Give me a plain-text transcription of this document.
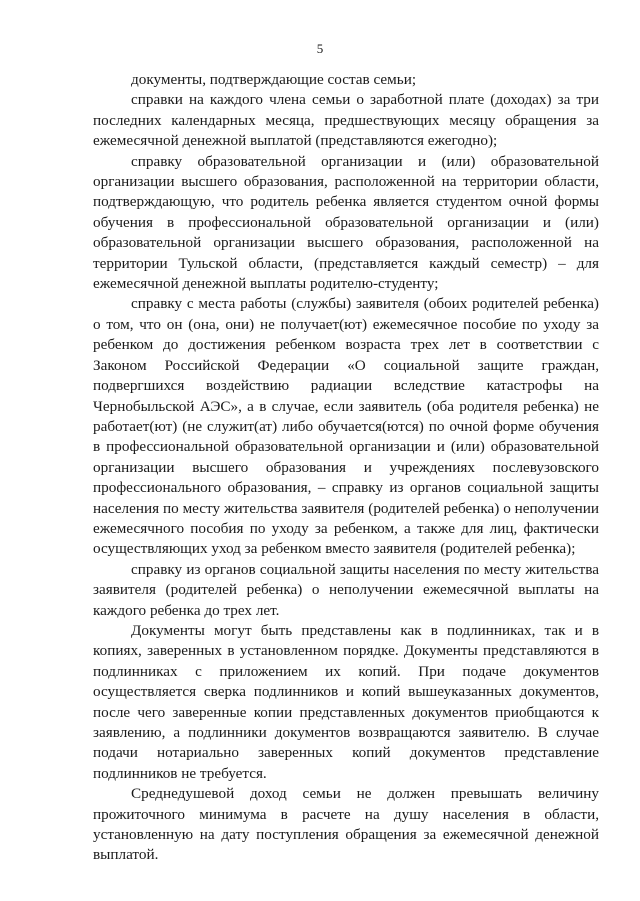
5

документы, подтверждающие состав семьи;

справки на каждого члена семьи о заработной плате (доходах) за три последних календарных месяца, предшествующих месяцу обращения за ежемесячной денежной выплатой (представляются ежегодно);

справку образовательной организации и (или) образовательной организации высшего образования, расположенной на территории области, подтверждающую, что родитель ребенка является студентом очной формы обучения в профессиональной образовательной организации и (или) образовательной организации высшего образования, расположенной на территории Тульской области, (представляется каждый семестр) – для ежемесячной денежной выплаты родителю-студенту;

справку с места работы (службы) заявителя (обоих родителей ребенка) о том, что он (она, они) не получает(ют) ежемесячное пособие по уходу за ребенком до достижения ребенком возраста трех лет в соответствии с Законом Российской Федерации «О социальной защите граждан, подвергшихся воздействию радиации вследствие катастрофы на Чернобыльской АЭС», а в случае, если заявитель (оба родителя ребенка) не работает(ют) (не служит(ат) либо обучается(ются) по очной форме обучения в профессиональной образовательной организации и (или) образовательной организации высшего образования и учреждениях послевузовского профессионального образования, – справку из органов социальной защиты населения по месту жительства заявителя (родителей ребенка) о неполучении ежемесячного пособия по уходу за ребенком, а также для лиц, фактически осуществляющих уход за ребенком вместо заявителя (родителей ребенка);

справку из органов социальной защиты населения по месту жительства заявителя (родителей ребенка) о неполучении ежемесячной выплаты на каждого ребенка до трех лет.

Документы могут быть представлены как в подлинниках, так и в копиях, заверенных в установленном порядке. Документы представляются в подлинниках с приложением их копий. При подаче документов осуществляется сверка подлинников и копий вышеуказанных документов, после чего заверенные копии представленных документов приобщаются к заявлению, а подлинники документов возвращаются заявителю. В случае подачи нотариально заверенных копий документов представление подлинников не требуется.

Среднедушевой доход семьи не должен превышать величину прожиточного минимума в расчете на душу населения в области, установленную на дату поступления обращения за ежемесячной денежной выплатой.
